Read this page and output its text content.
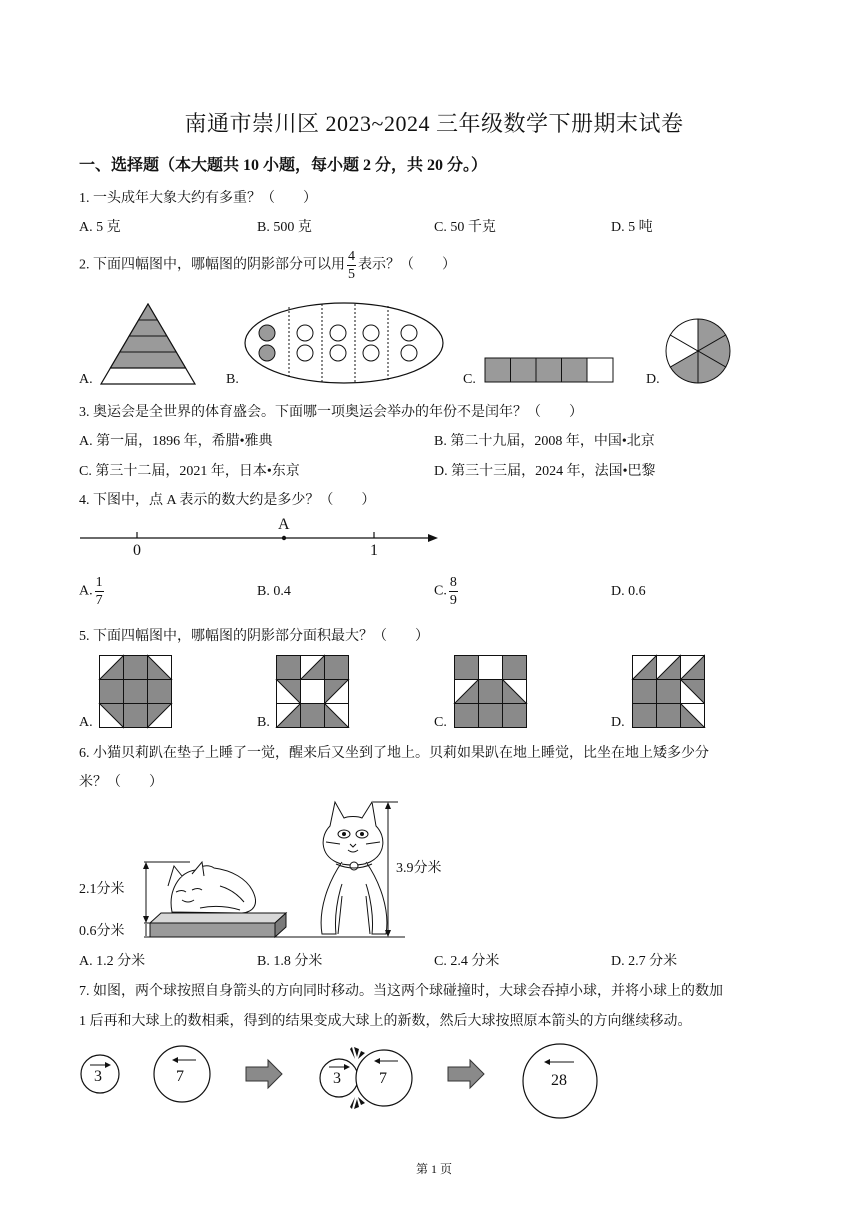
南通市崇川区 2023~2024 三年级数学下册期末试卷
一、选择题（本大题共 10 小题，每小题 2 分，共 20 分。）
1. 一头成年大象大约有多重？（　　）
A. 5 克	B. 500 克	C. 50 千克	D. 5 吨
2. 下面四幅图中，哪幅图的阴影部分可以用 $\frac{4}{5}$ 表示？（　　）
A.	B.	C.	D.
3. 奥运会是全世界的体育盛会。下面哪一项奥运会举办的年份不是闰年？（　　）
A. 第一届，1896 年，希腊•雅典	B. 第二十九届，2008 年，中国•北京
C. 第三十二届，2021 年，日本•东京	D. 第三十三届，2024 年，法国•巴黎
4. 下图中，点 A 表示的数大约是多少？（　　）
A
0	1
A. $\frac{1}{7}$	B. 0.4	C. $\frac{8}{9}$	D. 0.6
5. 下面四幅图中，哪幅图的阴影部分面积最大？（　　）
A.	B.	C.	D.
6. 小猫贝莉趴在垫子上睡了一觉，醒来后又坐到了地上。贝莉如果趴在地上睡觉，比坐在地上矮多少分
米？（　　）
2.1分米
0.6分米
3.9分米
A. 1.2 分米	B. 1.8 分米	C. 2.4 分米	D. 2.7 分米
7. 如图，两个球按照自身箭头的方向同时移动。当这两个球碰撞时，大球会吞掉小球，并将小球上的数加
1 后再和大球上的数相乘，得到的结果变成大球上的新数，然后大球按照原本箭头的方向继续移动。
3	7	3 7	28
第 1 页
